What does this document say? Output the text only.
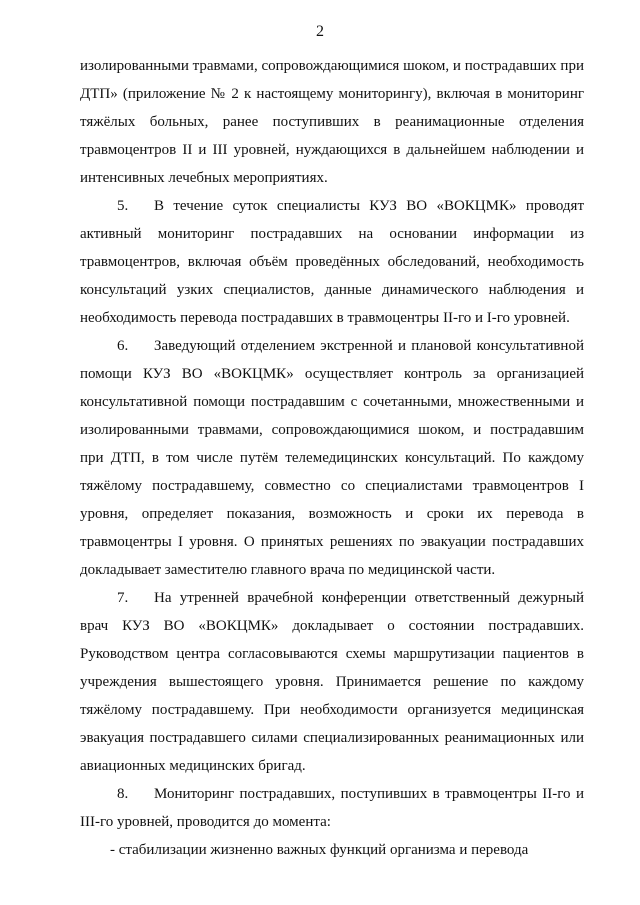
2

изолированными травмами, сопровождающимися шоком, и пострадавших при ДТП» (приложение № 2 к настоящему мониторингу), включая в мониторинг тяжёлых больных, ранее поступивших в реанимационные отделения травмоцентров II и III уровней, нуждающихся в дальнейшем наблюдении и интенсивных лечебных мероприятиях.

5. В течение суток специалисты КУЗ ВО «ВОКЦМК» проводят активный мониторинг пострадавших на основании информации из травмоцентров, включая объём проведённых обследований, необходимость консультаций узких специалистов, данные динамического наблюдения и необходимость перевода пострадавших в травмоцентры II-го и I-го уровней.

6. Заведующий отделением экстренной и плановой консультативной помощи КУЗ ВО «ВОКЦМК» осуществляет контроль за организацией консультативной помощи пострадавшим с сочетанными, множественными и изолированными травмами, сопровождающимися шоком, и пострадавшим при ДТП, в том числе путём телемедицинских консультаций. По каждому тяжёлому пострадавшему, совместно со специалистами травмоцентров I уровня, определяет показания, возможность и сроки их перевода в травмоцентры I уровня. О принятых решениях по эвакуации пострадавших докладывает заместителю главного врача по медицинской части.

7. На утренней врачебной конференции ответственный дежурный врач КУЗ ВО «ВОКЦМК» докладывает о состоянии пострадавших. Руководством центра согласовываются схемы маршрутизации пациентов в учреждения вышестоящего уровня. Принимается решение по каждому тяжёлому пострадавшему. При необходимости организуется медицинская эвакуация пострадавшего силами специализированных реанимационных или авиационных медицинских бригад.

8. Мониторинг пострадавших, поступивших в травмоцентры II-го и III-го уровней, проводится до момента:

- стабилизации жизненно важных функций организма и перевода
